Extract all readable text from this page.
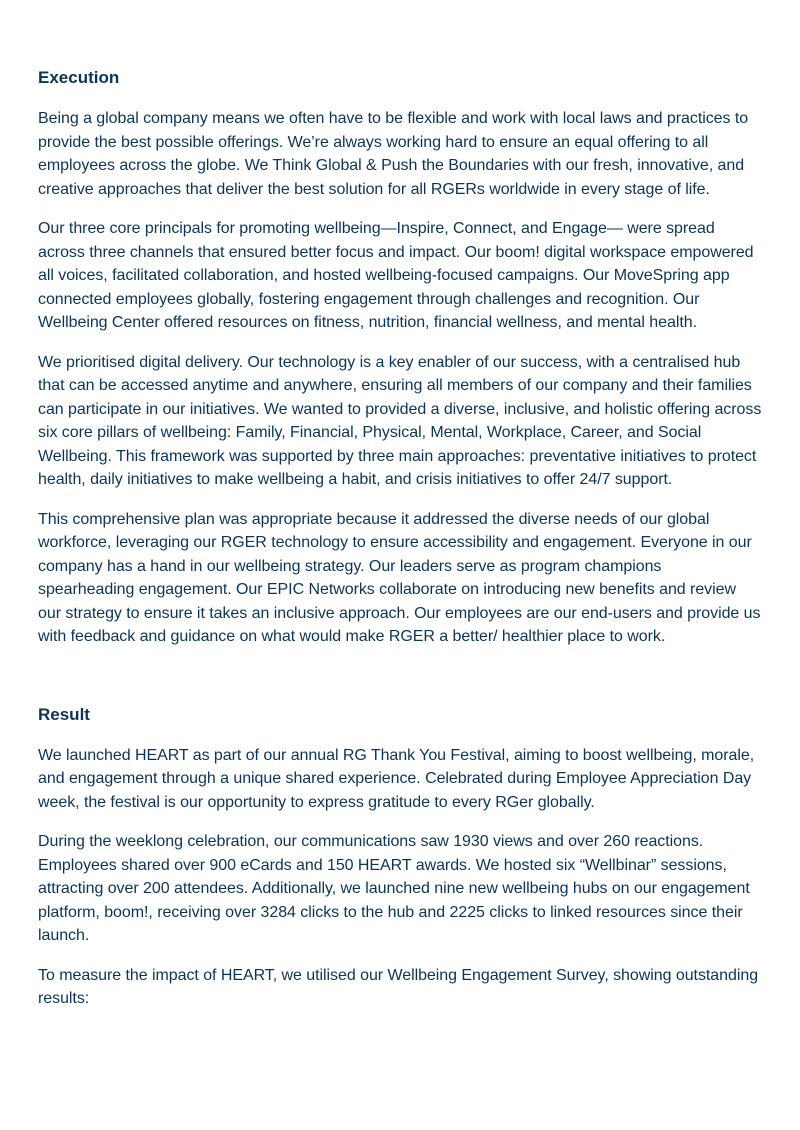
Execution

Being a global company means we often have to be flexible and work with local laws and practices to provide the best possible offerings. We’re always working hard to ensure an equal offering to all employees across the globe. We Think Global & Push the Boundaries with our fresh, innovative, and creative approaches that deliver the best solution for all RGERs worldwide in every stage of life.

Our three core principals for promoting wellbeing—Inspire, Connect, and Engage— were spread across three channels that ensured better focus and impact. Our boom! digital workspace empowered all voices, facilitated collaboration, and hosted wellbeing-focused campaigns. Our MoveSpring app connected employees globally, fostering engagement through challenges and recognition. Our Wellbeing Center offered resources on fitness, nutrition, financial wellness, and mental health.

We prioritised digital delivery. Our technology is a key enabler of our success, with a centralised hub that can be accessed anytime and anywhere, ensuring all members of our company and their families can participate in our initiatives. We wanted to provided a diverse, inclusive, and holistic offering across six core pillars of wellbeing: Family, Financial, Physical, Mental, Workplace, Career, and Social Wellbeing. This framework was supported by three main approaches: preventative initiatives to protect health, daily initiatives to make wellbeing a habit, and crisis initiatives to offer 24/7 support.

This comprehensive plan was appropriate because it addressed the diverse needs of our global workforce, leveraging our RGER technology to ensure accessibility and engagement. Everyone in our company has a hand in our wellbeing strategy. Our leaders serve as program champions spearheading engagement. Our EPIC Networks collaborate on introducing new benefits and review our strategy to ensure it takes an inclusive approach. Our employees are our end-users and provide us with feedback and guidance on what would make RGER a better/ healthier place to work.

Result

We launched HEART as part of our annual RG Thank You Festival, aiming to boost wellbeing, morale, and engagement through a unique shared experience. Celebrated during Employee Appreciation Day week, the festival is our opportunity to express gratitude to every RGer globally.

During the weeklong celebration, our communications saw 1930 views and over 260 reactions. Employees shared over 900 eCards and 150 HEART awards. We hosted six “Wellbinar” sessions, attracting over 200 attendees. Additionally, we launched nine new wellbeing hubs on our engagement platform, boom!, receiving over 3284 clicks to the hub and 2225 clicks to linked resources since their launch.

To measure the impact of HEART, we utilised our Wellbeing Engagement Survey, showing outstanding results:
